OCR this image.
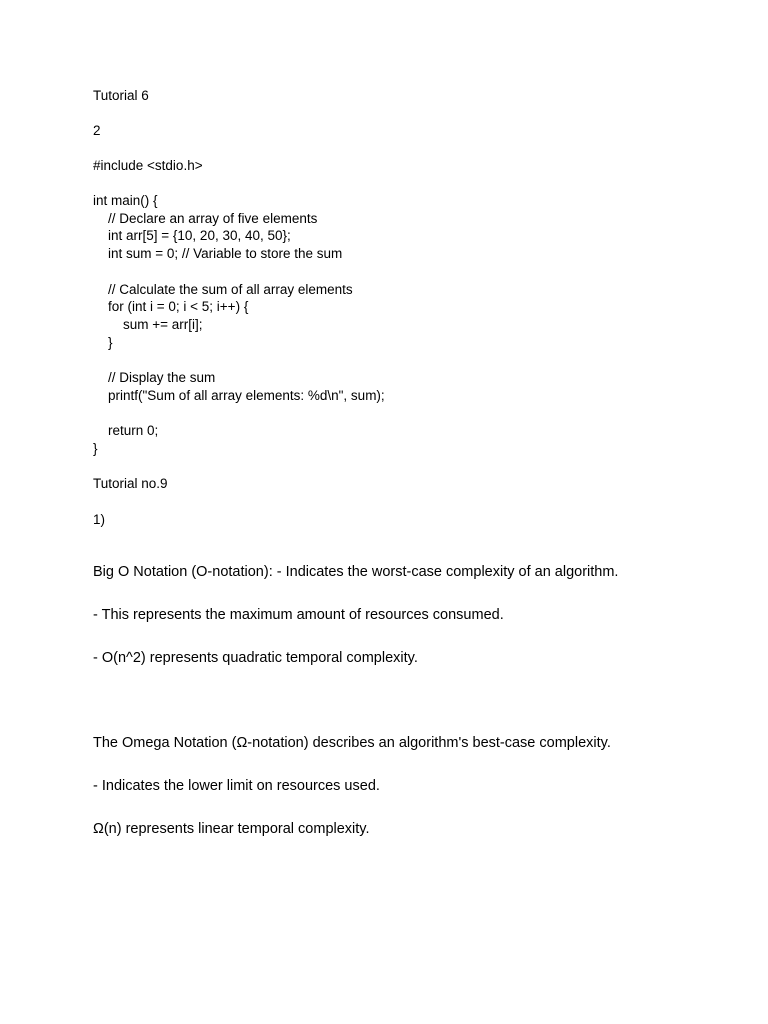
Tutorial 6
2
#include <stdio.h>
int main() {
// Declare an array of five elements
int arr[5] = {10, 20, 30, 40, 50};
int sum = 0; // Variable to store the sum
// Calculate the sum of all array elements
for (int i = 0; i < 5; i++) {
sum += arr[i];
}
// Display the sum
printf("Sum of all array elements: %d\n", sum);
return 0;
}
Tutorial no.9
1)
Big O Notation (O-notation): - Indicates the worst-case complexity of an algorithm.
- This represents the maximum amount of resources consumed.
- O(n^2) represents quadratic temporal complexity.
The Omega Notation (Ω-notation) describes an algorithm's best-case complexity.
- Indicates the lower limit on resources used.
Ω(n) represents linear temporal complexity.
